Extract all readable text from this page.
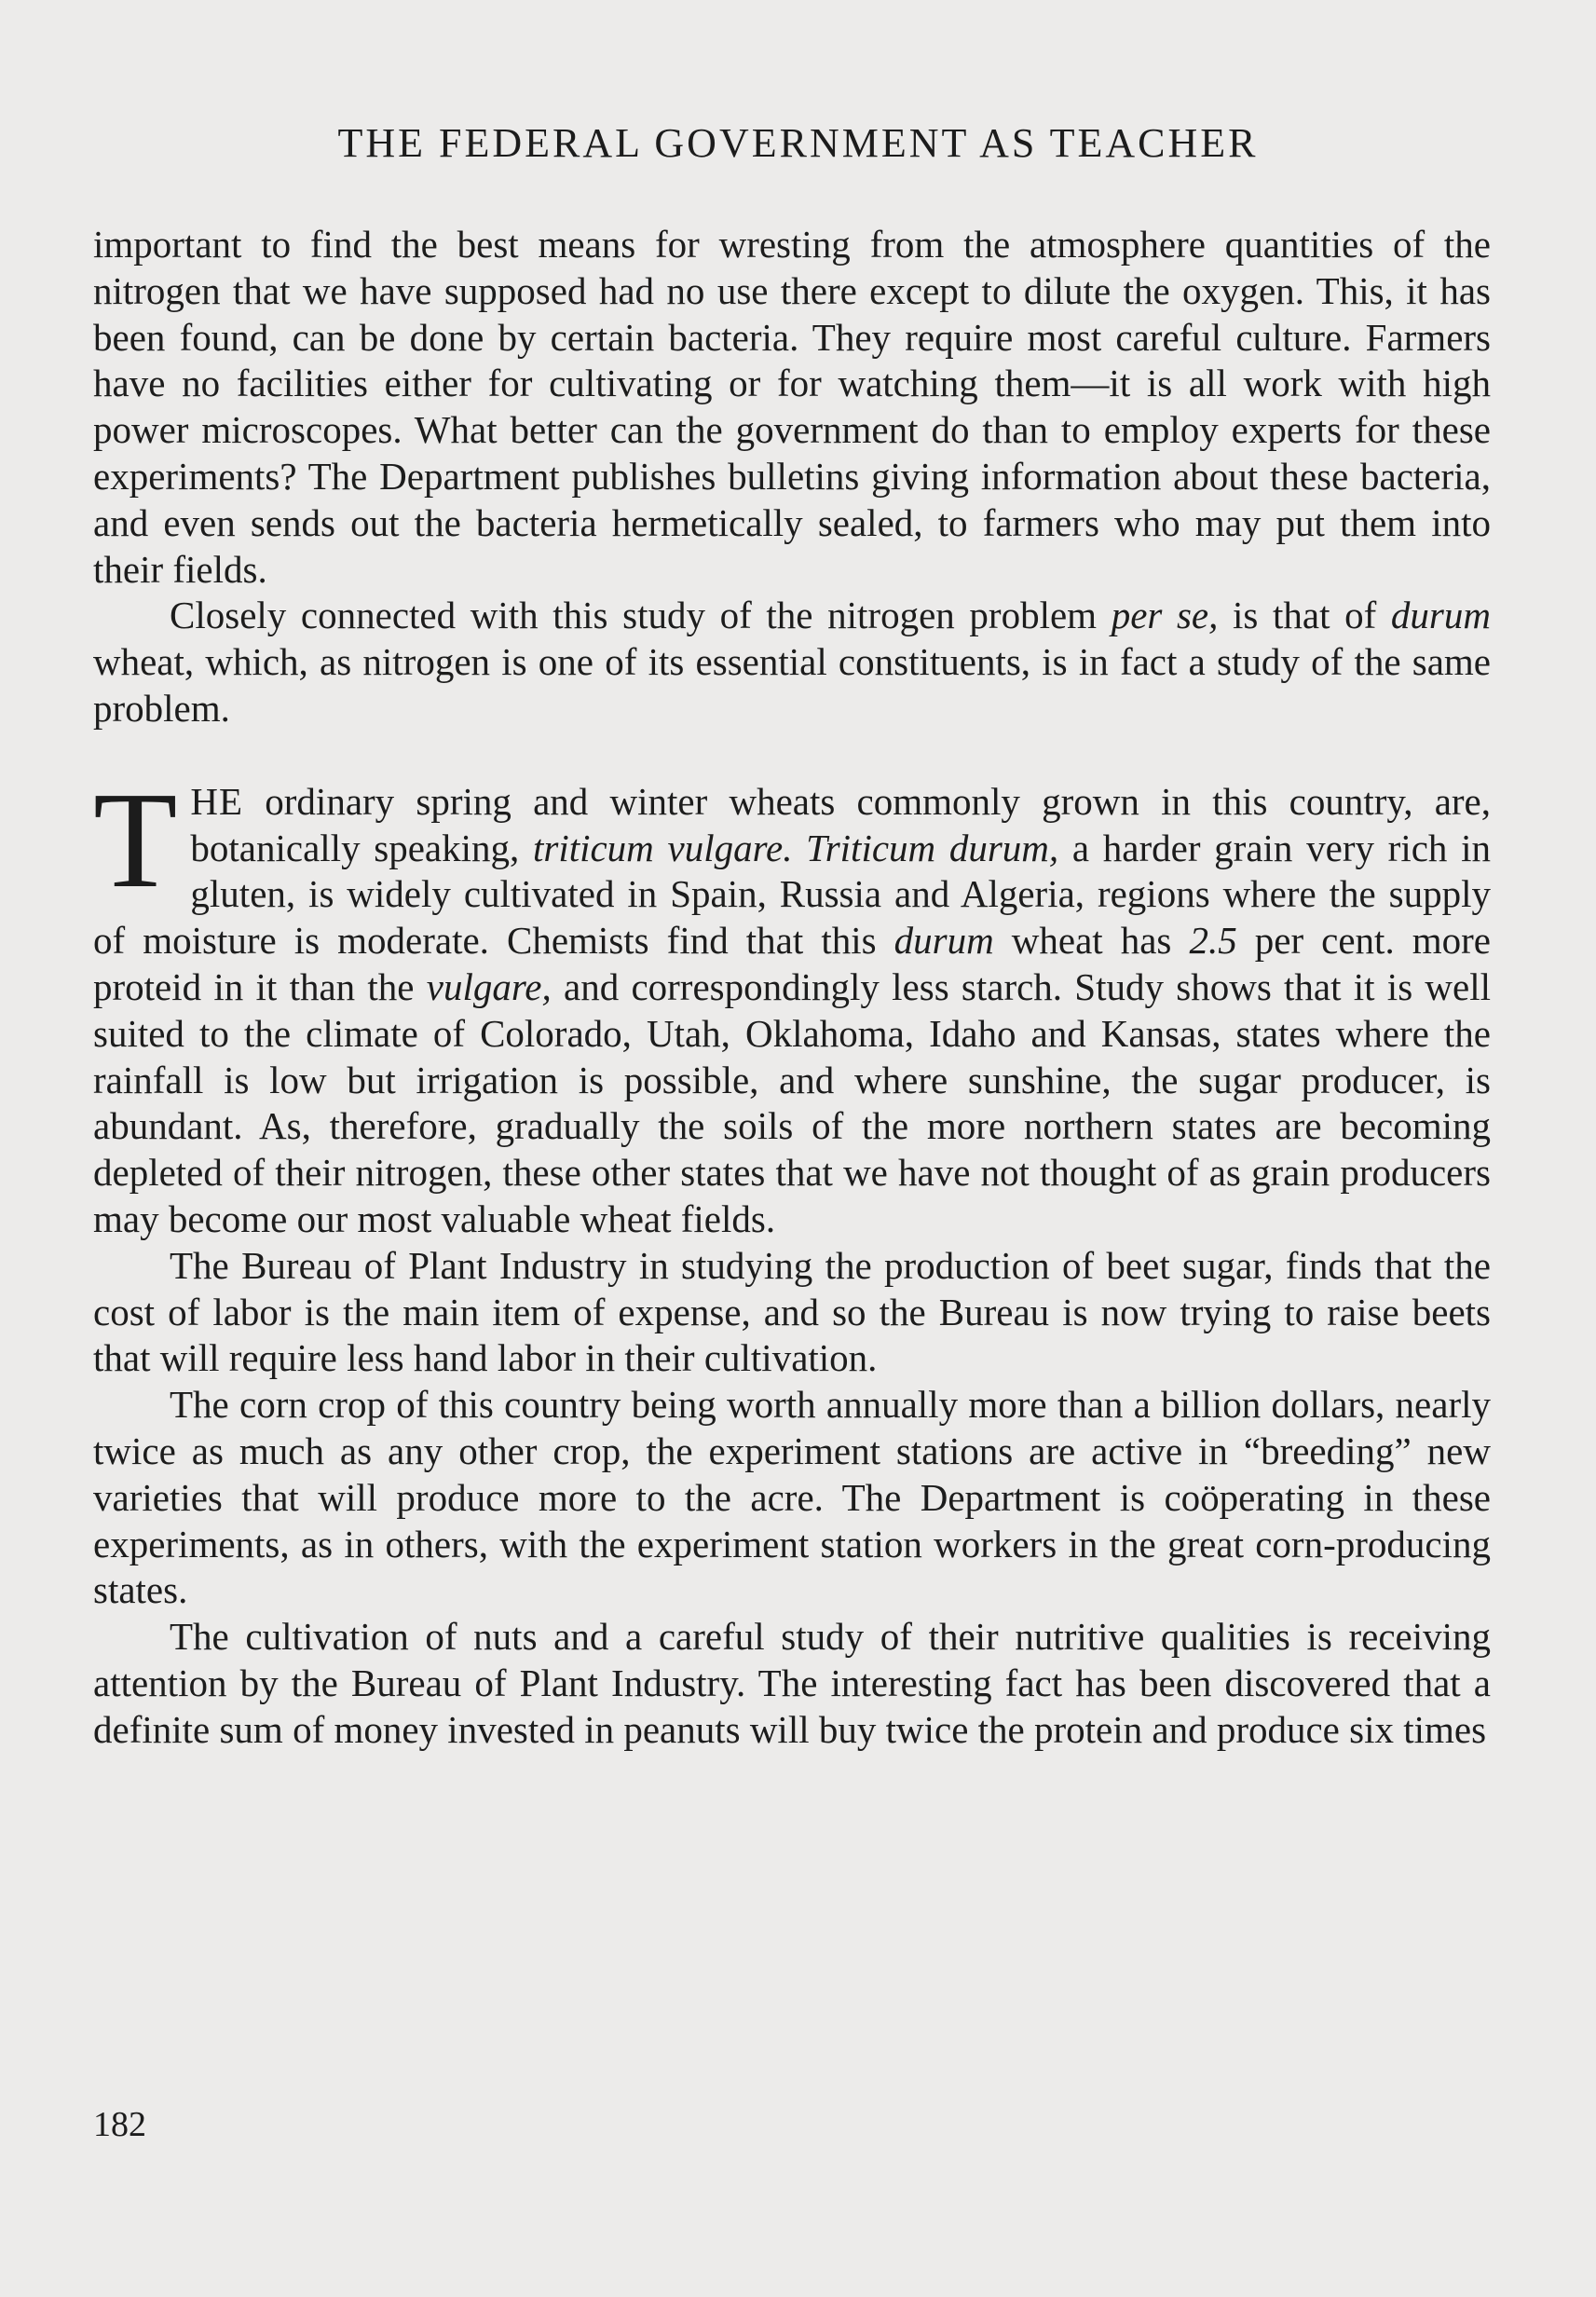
THE FEDERAL GOVERNMENT AS TEACHER

important to find the best means for wresting from the atmosphere quantities of the nitrogen that we have supposed had no use there except to dilute the oxygen. This, it has been found, can be done by certain bacteria. They require most careful culture. Farmers have no facilities either for cultivating or for watching them—it is all work with high power microscopes. What better can the government do than to employ experts for these experiments? The Department publishes bulletins giving information about these bacteria, and even sends out the bacteria hermetically sealed, to farmers who may put them into their fields.

Closely connected with this study of the nitrogen problem per se, is that of durum wheat, which, as nitrogen is one of its essential constituents, is in fact a study of the same problem.

THE ordinary spring and winter wheats commonly grown in this country, are, botanically speaking, triticum vulgare. Triticum durum, a harder grain very rich in gluten, is widely cultivated in Spain, Russia and Algeria, regions where the supply of moisture is moderate. Chemists find that this durum wheat has 2.5 per cent. more proteid in it than the vulgare, and correspondingly less starch. Study shows that it is well suited to the climate of Colorado, Utah, Oklahoma, Idaho and Kansas, states where the rainfall is low but irrigation is possible, and where sunshine, the sugar producer, is abundant. As, therefore, gradually the soils of the more northern states are becoming depleted of their nitrogen, these other states that we have not thought of as grain producers may become our most valuable wheat fields.

The Bureau of Plant Industry in studying the production of beet sugar, finds that the cost of labor is the main item of expense, and so the Bureau is now trying to raise beets that will require less hand labor in their cultivation.

The corn crop of this country being worth annually more than a billion dollars, nearly twice as much as any other crop, the experiment stations are active in “breeding” new varieties that will produce more to the acre. The Department is coöperating in these experiments, as in others, with the experiment station workers in the great corn-producing states.

The cultivation of nuts and a careful study of their nutritive qualities is receiving attention by the Bureau of Plant Industry. The interesting fact has been discovered that a definite sum of money invested in peanuts will buy twice the protein and produce six times

182
